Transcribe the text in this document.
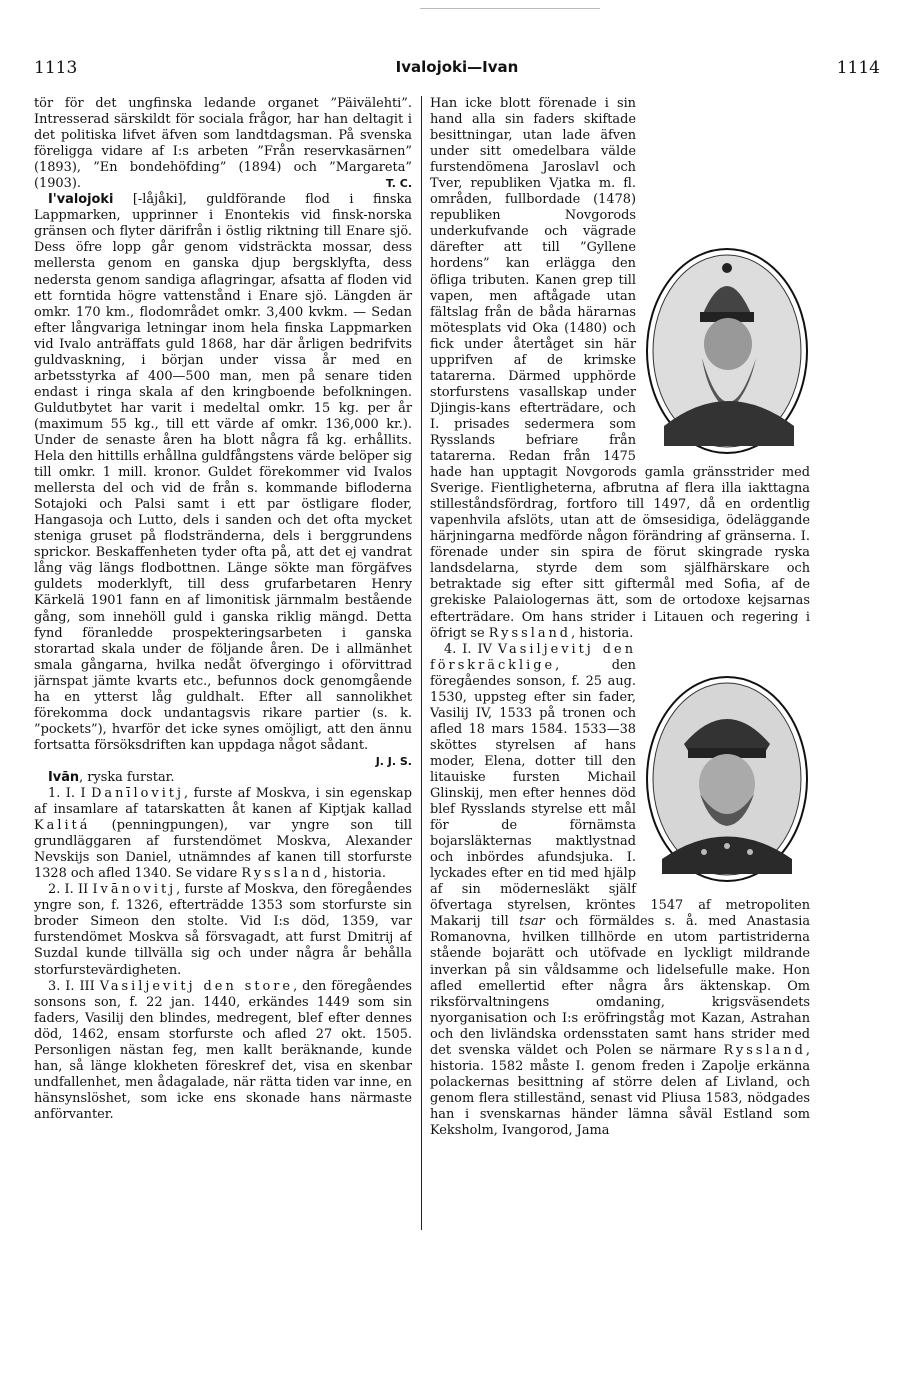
1113	Ivalojoki—Ivan	1114

tör för det ungfinska ledande organet ”Päivälehti”. Intresserad särskildt för sociala frågor, har han deltagit i det politiska lifvet äfven som landtdagsman. På svenska föreligga vidare af I:s arbeten ”Från reservkasärnen” (1893), ”En bondehöfding” (1894) och ”Margareta” (1903).	T. C.

I'valojoki [-låjåki], guldförande flod i finska Lappmarken, upprinner i Enontekis vid finsk-norska gränsen och flyter därifrån i östlig riktning till Enare sjö. Dess öfre lopp går genom vidsträckta mossar, dess mellersta genom en ganska djup bergsklyfta, dess nedersta genom sandiga aflagringar, afsatta af floden vid ett forntida högre vattenstånd i Enare sjö. Längden är omkr. 170 km., flodområdet omkr. 3,400 kvkm. — Sedan efter långvariga letningar inom hela finska Lappmarken vid Ivalo anträffats guld 1868, har där årligen bedrifvits guldvaskning, i början under vissa år med en arbetsstyrka af 400—500 man, men på senare tiden endast i ringa skala af den kringboende befolkningen. Guldutbytet har varit i medeltal omkr. 15 kg. per år (maximum 55 kg., till ett värde af omkr. 136,000 kr.). Under de senaste åren ha blott några få kg. erhållits. Hela den hittills erhållna guldfångstens värde belöper sig till omkr. 1 mill. kronor. Guldet förekommer vid Ivalos mellersta del och vid de från s. kommande bifloderna Sotajoki och Palsi samt i ett par östligare floder, Hangasoja och Lutto, dels i sanden och det ofta mycket steniga gruset på flodstränderna, dels i berggrundens sprickor. Beskaffenheten tyder ofta på, att det ej vandrat lång väg längs flodbottnen. Länge sökte man förgäfves guldets moderklyft, till dess grufarbetaren Henry Kärkelä 1901 fann en af limonitisk järnmalm bestående gång, som innehöll guld i ganska riklig mängd. Detta fynd föranledde prospekteringsarbeten i ganska storartad skala under de följande åren. De i allmänhet smala gångarna, hvilka nedåt öfvergingo i oförvittrad järnspat jämte kvarts etc., befunnos dock genomgående ha en ytterst låg guldhalt. Efter all sannolikhet förekomma dock undantagsvis rikare partier (s. k. ”pockets”), hvarför det icke synes omöjligt, att den ännu fortsatta försöksdriften kan uppdaga något sådant.
J. J. S.

Ivān, ryska furstar.

1. I. I Danīlovitj, furste af Moskva, i sin egenskap af insamlare af tatarskatten åt kanen af Kiptjak kallad Kalitá (penningpungen), var yngre son till grundläggaren af furstendömet Moskva, Alexander Nevskijs son Daniel, utnämndes af kanen till storfurste 1328 och afled 1340. Se vidare Ryssland, historia.

2. I. II Ivānovitj, furste af Moskva, den föregåendes yngre son, f. 1326, efterträdde 1353 som storfurste sin broder Simeon den stolte. Vid I:s död, 1359, var furstendömet Moskva så försvagadt, att furst Dmitrij af Suzdal kunde tillvälla sig och under några år behålla storfurstevärdigheten.

3. I. III Vasiljevitj den store, den föregåendes sonsons son, f. 22 jan. 1440, erkändes 1449 som sin faders, Vasilij den blindes, medregent, blef efter dennes död, 1462, ensam storfurste och afled 27 okt. 1505. Personligen nästan feg, men kallt beräknande, kunde han, så länge klokheten föreskref det, visa en skenbar undfallenhet, men ådagalade, när rätta tiden var inne, en hänsynslöshet, som icke ens skonade hans närmaste anförvanter.

Han icke blott förenade i sin hand alla sin faders skiftade besittningar, utan lade äfven under sitt omedelbara välde furstendömena Jaroslavl och Tver, republiken Vjatka m. fl. områden, fullbordade (1478) republiken Novgorods underkufvande och vägrade därefter att till ”Gyllene hordens” kan erlägga den öfliga tributen. Kanen grep till vapen, men aftågade utan fältslag från de båda härarnas mötesplats vid Oka (1480) och fick under återtåget sin här upprifven af de krimske tatarerna. Därmed upphörde storfurstens vasallskap under Djingis-kans efterträdare, och I. prisades sedermera som Rysslands befriare från tatarerna. Redan från 1475 hade han upptagit Novgorods gamla gränsstrider med Sverige. Fientligheterna, afbrutna af flera illa iakttagna stilleståndsfördrag, fortforo till 1497, då en ordentlig vapenhvila afslöts, utan att de ömsesidiga, ödeläggande härjningarna medförde någon förändring af gränserna. I. förenade under sin spira de förut skingrade ryska landsdelarna, styrde dem som själfhärskare och betraktade sig efter sitt giftermål med Sofia, af de grekiske Palaiologernas ätt, som de ortodoxe kejsarnas efterträdare. Om hans strider i Litauen och regering i öfrigt se Ryssland, historia.

4. I. IV Vasiljevitj den förskräcklige, den föregåendes sonson, f. 25 aug. 1530, uppsteg efter sin fader, Vasilij IV, 1533 på tronen och afled 18 mars 1584. 1533—38 sköttes styrelsen af hans moder, Elena, dotter till den litauiske fursten Michail Glinskij, men efter hennes död blef Rysslands styrelse ett mål för de förnämsta bojarsläkternas maktlystnad och inbördes afundsjuka. I. lyckades efter en tid med hjälp af sin mödernesläkt själf öfvertaga styrelsen, kröntes 1547 af metropoliten Makarij till tsar och förmäldes s. å. med Anastasia Romanovna, hvilken tillhörde en utom partistriderna stående bojarätt och utöfvade en lyckligt mildrande inverkan på sin våldsamme och lidelsefulle make. Hon afled emellertid efter några års äktenskap. Om riksförvaltningens omdaning, krigsväsendets nyorganisation och I:s eröfringståg mot Kazan, Astrahan och den livländska ordensstaten samt hans strider med det svenska väldet och Polen se närmare Ryssland, historia. 1582 måste I. genom freden i Zapolje erkänna polackernas besittning af större delen af Livland, och genom flera stilleständ, senast vid Pliusa 1583, nödgades han i svenskarnas händer lämna såväl Estland som Keksholm, Ivangorod, Jama
